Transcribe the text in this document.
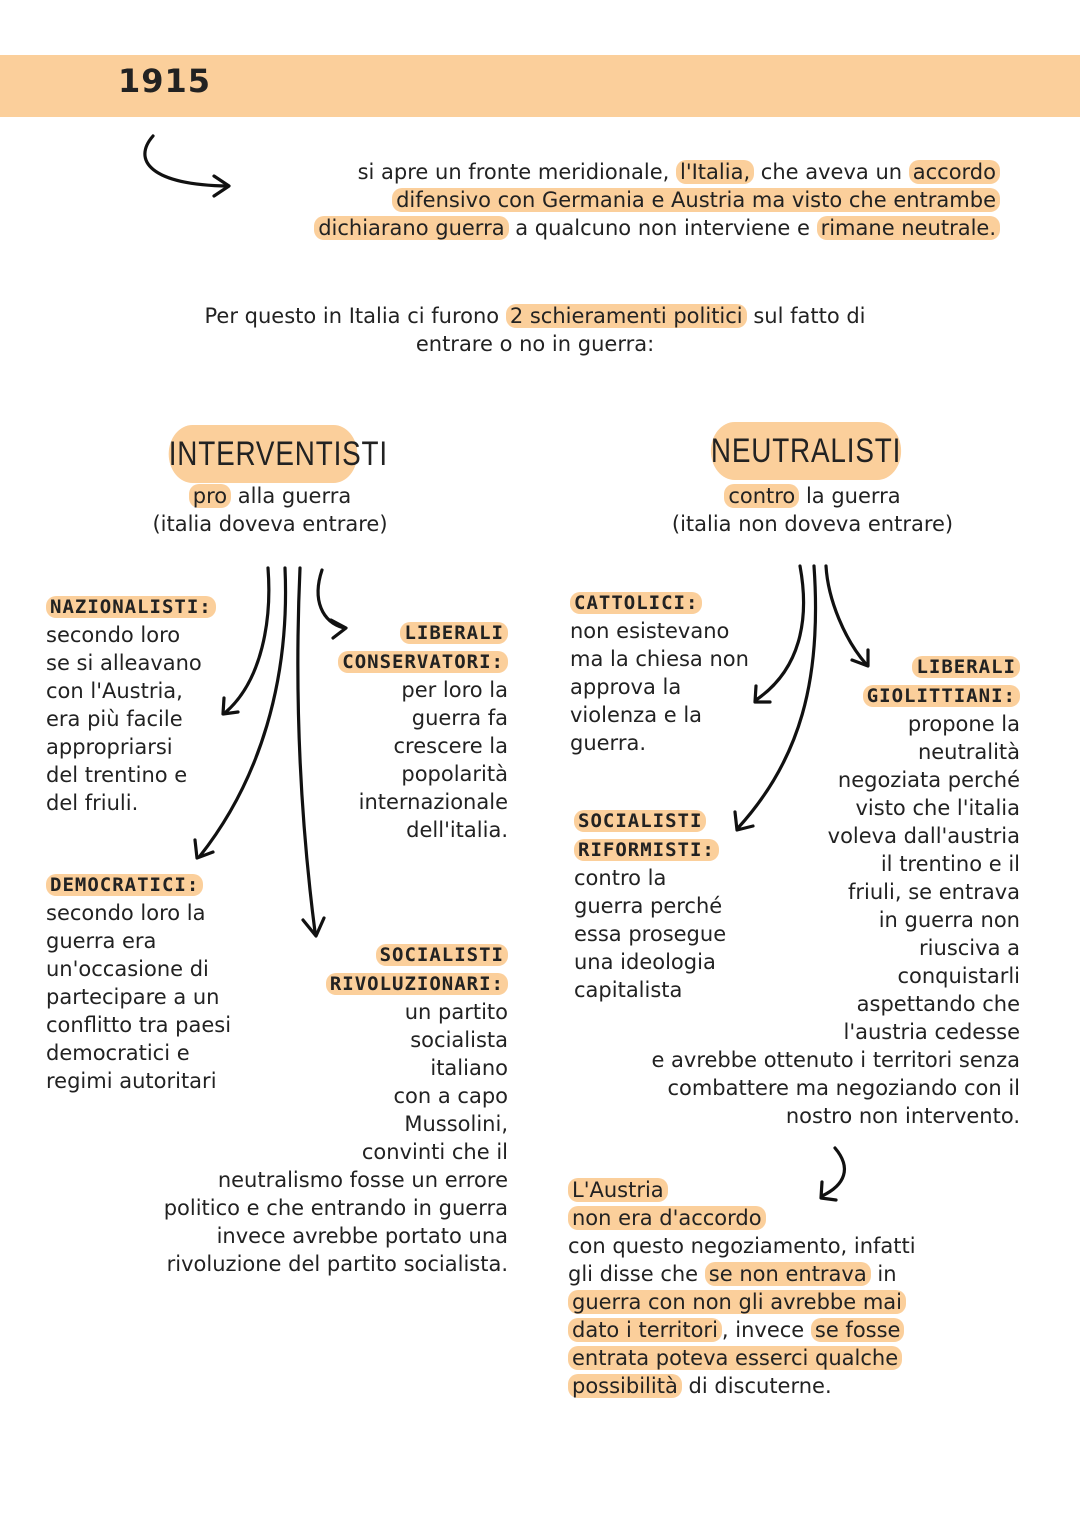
1915
si apre un fronte meridionale, l'Italia, che aveva un accordo
difensivo con Germania e Austria ma visto che entrambe
dichiarano guerra a qualcuno non interviene e rimane neutrale.
Per questo in Italia ci furono 2 schieramenti politici sul fatto di
entrare o no in guerra:
INTERVENTISTI
pro alla guerra
(italia doveva entrare)
NEUTRALISTI
contro la guerra
(italia non doveva entrare)
NAZIONALISTI:
secondo loro
se si alleavano
con l'Austria,
era più facile
appropriarsi
del trentino e
del friuli.
LIBERALI
CONSERVATORI:
per loro la
guerra fa
crescere la
popolarità
internazionale
dell'italia.
DEMOCRATICI:
secondo loro la
guerra era
un'occasione di
partecipare a un
conflitto tra paesi
democratici e
regimi autoritari
SOCIALISTI
RIVOLUZIONARI:
un partito
socialista
italiano
con a capo
Mussolini,
convinti che il
neutralismo fosse un errore
politico e che entrando in guerra
invece avrebbe portato una
rivoluzione del partito socialista.
CATTOLICI:
non esistevano
ma la chiesa non
approva la
violenza e la
guerra.
LIBERALI
GIOLITTIANI:
propone la
neutralità
negoziata perché
visto che l'italia
voleva dall'austria
il trentino e il
friuli, se entrava
in guerra non
riusciva a
conquistarli
aspettando che
l'austria cedesse
e avrebbe ottenuto i territori senza
combattere ma negoziando con il
nostro non intervento.
SOCIALISTI
RIFORMISTI:
contro la
guerra perché
essa prosegue
una ideologia
capitalista
L'Austria
non era d'accordo
con questo negoziamento, infatti
gli disse che se non entrava in
guerra con non gli avrebbe mai
dato i territori , invece se fosse
entrata poteva esserci qualche
possibilità di discuterne.
